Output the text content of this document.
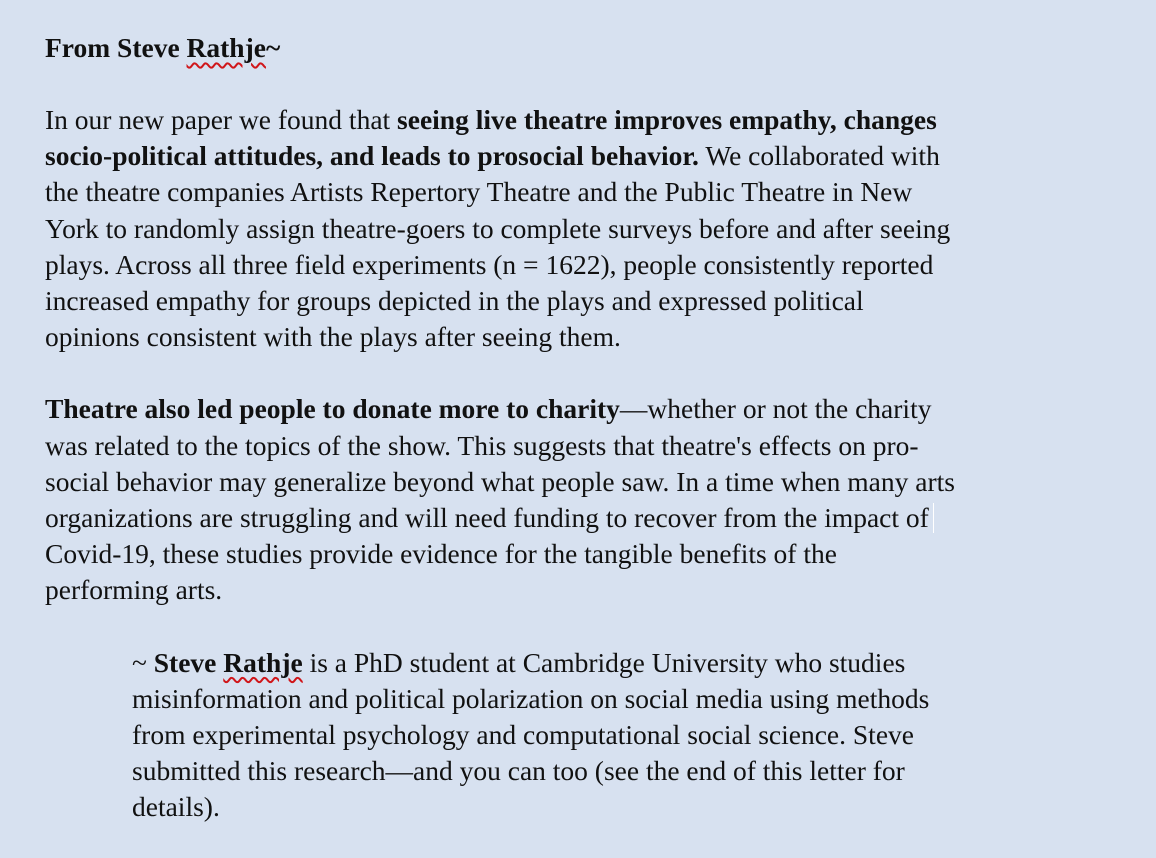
From Steve Rathje~

In our new paper we found that seeing live theatre improves empathy, changes
socio-political attitudes, and leads to prosocial behavior. We collaborated with
the theatre companies Artists Repertory Theatre and the Public Theatre in New
York to randomly assign theatre-goers to complete surveys before and after seeing
plays. Across all three field experiments (n = 1622), people consistently reported
increased empathy for groups depicted in the plays and expressed political
opinions consistent with the plays after seeing them.

Theatre also led people to donate more to charity—whether or not the charity
was related to the topics of the show. This suggests that theatre's effects on pro-
social behavior may generalize beyond what people saw. In a time when many arts
organizations are struggling and will need funding to recover from the impact of
Covid-19, these studies provide evidence for the tangible benefits of the
performing arts.

~ Steve Rathje is a PhD student at Cambridge University who studies
misinformation and political polarization on social media using methods
from experimental psychology and computational social science. Steve
submitted this research—and you can too (see the end of this letter for
details).
